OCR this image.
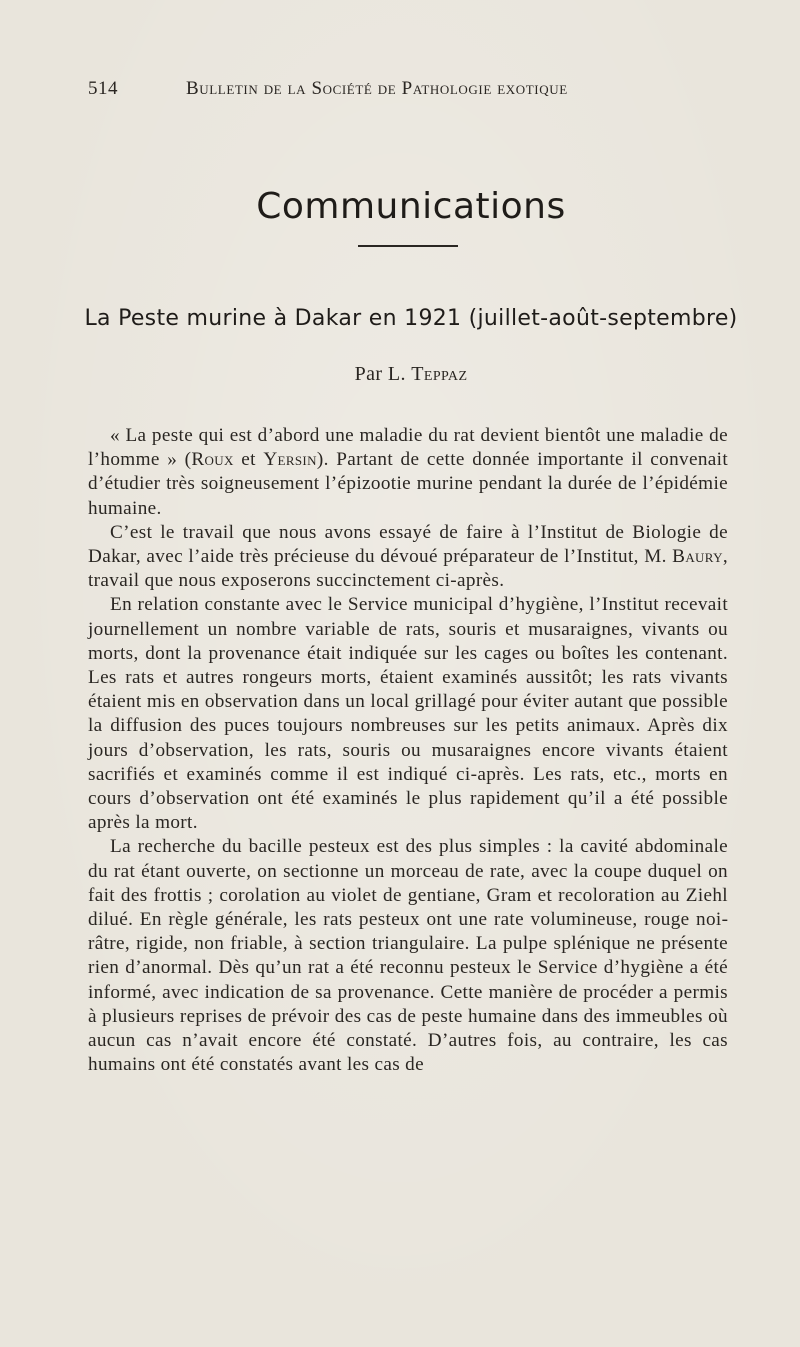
514	Bulletin de la Société de Pathologie exotique
Communications
La Peste murine à Dakar en 1921 (juillet-août-septembre)
Par L. Teppaz

« La peste qui est d’abord une maladie du rat devient bientôt une maladie de l’homme » (Roux et Yersin). Partant de cette donnée importante il convenait d’étudier très soigneusement l’épizootie murine pendant la durée de l’épidémie humaine.

C’est le travail que nous avons essayé de faire à l’Institut de Biologie de Dakar, avec l’aide très précieuse du dévoué préparateur de l’Institut, M. Baury, travail que nous exposerons succinctement ci-après.

En relation constante avec le Service municipal d’hygiène, l’Institut recevait journellement un nombre variable de rats, souris et musaraignes, vivants ou morts, dont la provenance était indiquée sur les cages ou boîtes les contenant. Les rats et autres rongeurs morts, étaient examinés aussitôt; les rats vivants étaient mis en observation dans un local grillagé pour éviter autant que possible la diffusion des puces toujours nombreuses sur les petits animaux. Après dix jours d’observation, les rats, souris ou musaraignes encore vivants étaient sacrifiés et examinés comme il est indiqué ci-après. Les rats, etc., morts en cours d’observation ont été examinés le plus rapidement qu’il a été possible après la mort.

La recherche du bacille pesteux est des plus simples : la cavité abdominale du rat étant ouverte, on sectionne un morceau de rate, avec la coupe duquel on fait des frottis ; corolation au violet de gentiane, Gram et recoloration au Ziehl dilué. En règle générale, les rats pesteux ont une rate volumineuse, rouge noirâtre, rigide, non friable, à section triangulaire. La pulpe splénique ne présente rien d’anormal. Dès qu’un rat a été reconnu pesteux le Service d’hygiène a été informé, avec indication de sa provenance. Cette manière de procéder a permis à plusieurs reprises de prévoir des cas de peste humaine dans des immeubles où aucun cas n’avait encore été constaté. D’autres fois, au contraire, les cas humains ont été constatés avant les cas de
